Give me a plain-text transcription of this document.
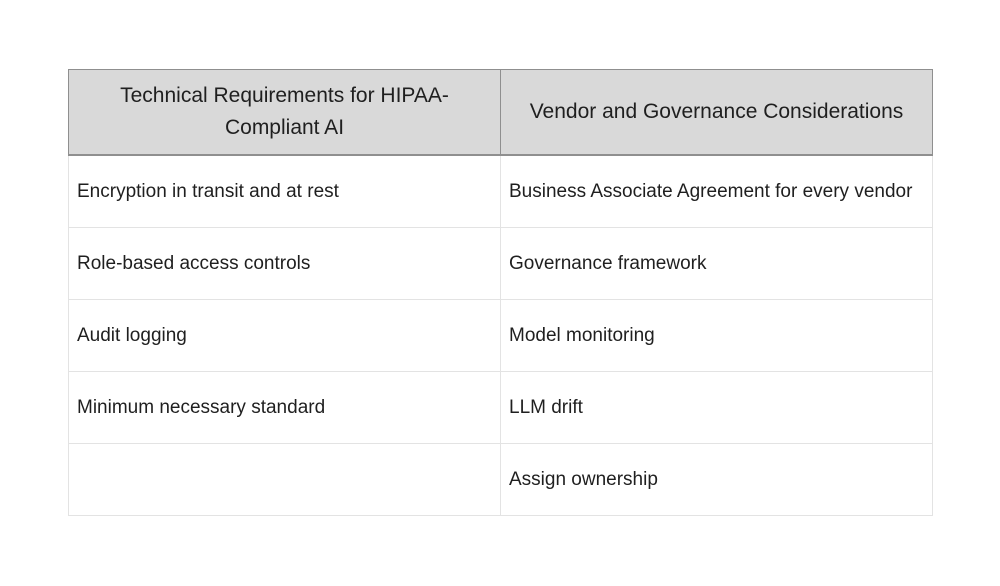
Technical Requirements for HIPAA-Compliant AI	Vendor and Governance Considerations
Encryption in transit and at rest	Business Associate Agreement for every vendor
Role-based access controls	Governance framework
Audit logging	Model monitoring
Minimum necessary standard	LLM drift
	Assign ownership
